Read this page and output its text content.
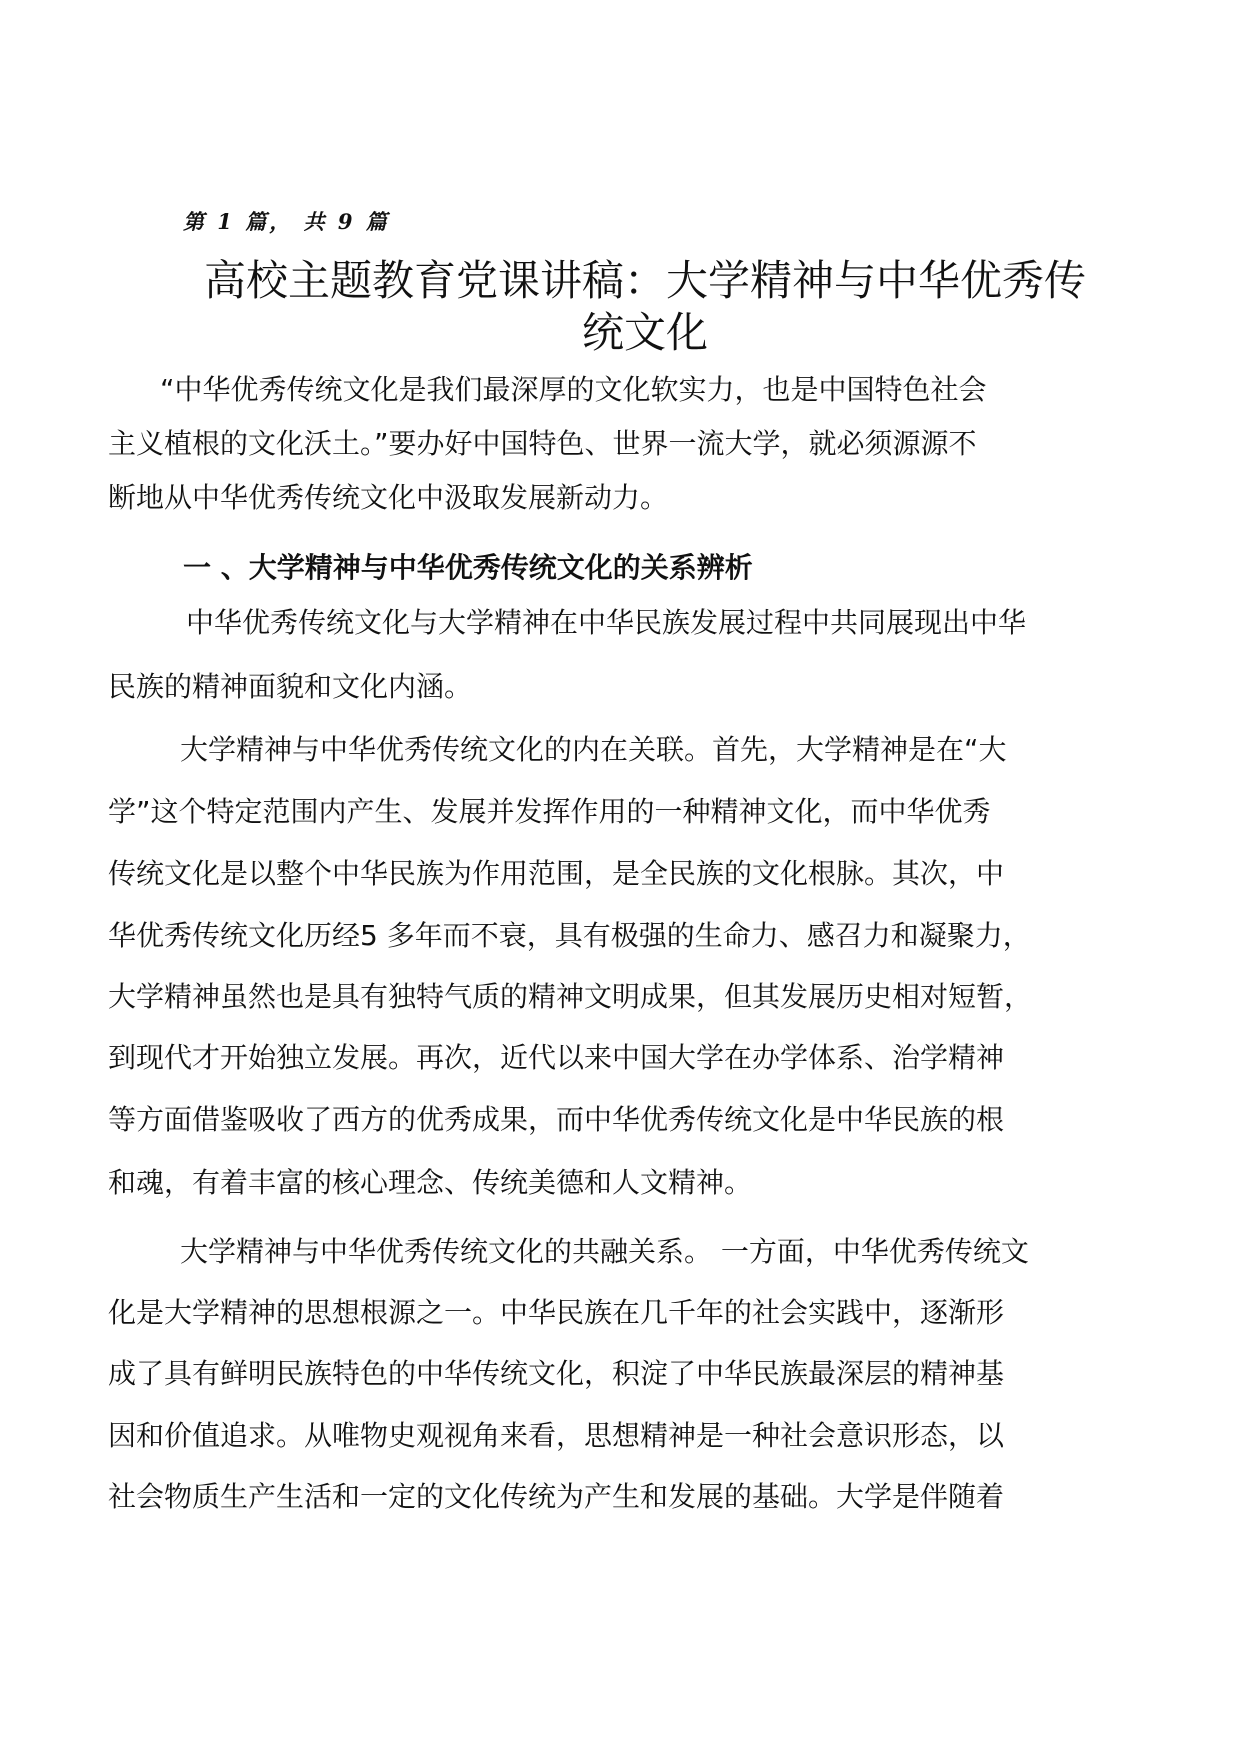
第 1 篇， 共 9 篇
高校主题教育党课讲稿：大学精神与中华优秀传
统文化
“中华优秀传统文化是我们最深厚的文化软实力，也是中国特色社会
主义植根的文化沃土。”要办好中国特色、世界一流大学，就必须源源不
断地从中华优秀传统文化中汲取发展新动力。
一 、大学精神与中华优秀传统文化的关系辨析
中华优秀传统文化与大学精神在中华民族发展过程中共同展现出中华
民族的精神面貌和文化内涵。
大学精神与中华优秀传统文化的内在关联。首先，大学精神是在“大
学”这个特定范围内产生、发展并发挥作用的一种精神文化，而中华优秀
传统文化是以整个中华民族为作用范围，是全民族的文化根脉。其次，中
华优秀传统文化历经5 多年而不衰，具有极强的生命力、感召力和凝聚力，
大学精神虽然也是具有独特气质的精神文明成果，但其发展历史相对短暂，
到现代才开始独立发展。再次，近代以来中国大学在办学体系、治学精神
等方面借鉴吸收了西方的优秀成果，而中华优秀传统文化是中华民族的根
和魂，有着丰富的核心理念、传统美德和人文精神。
大学精神与中华优秀传统文化的共融关系。 一方面，中华优秀传统文
化是大学精神的思想根源之一。中华民族在几千年的社会实践中，逐渐形
成了具有鲜明民族特色的中华传统文化，积淀了中华民族最深层的精神基
因和价值追求。从唯物史观视角来看，思想精神是一种社会意识形态，以
社会物质生产生活和一定的文化传统为产生和发展的基础。大学是伴随着
